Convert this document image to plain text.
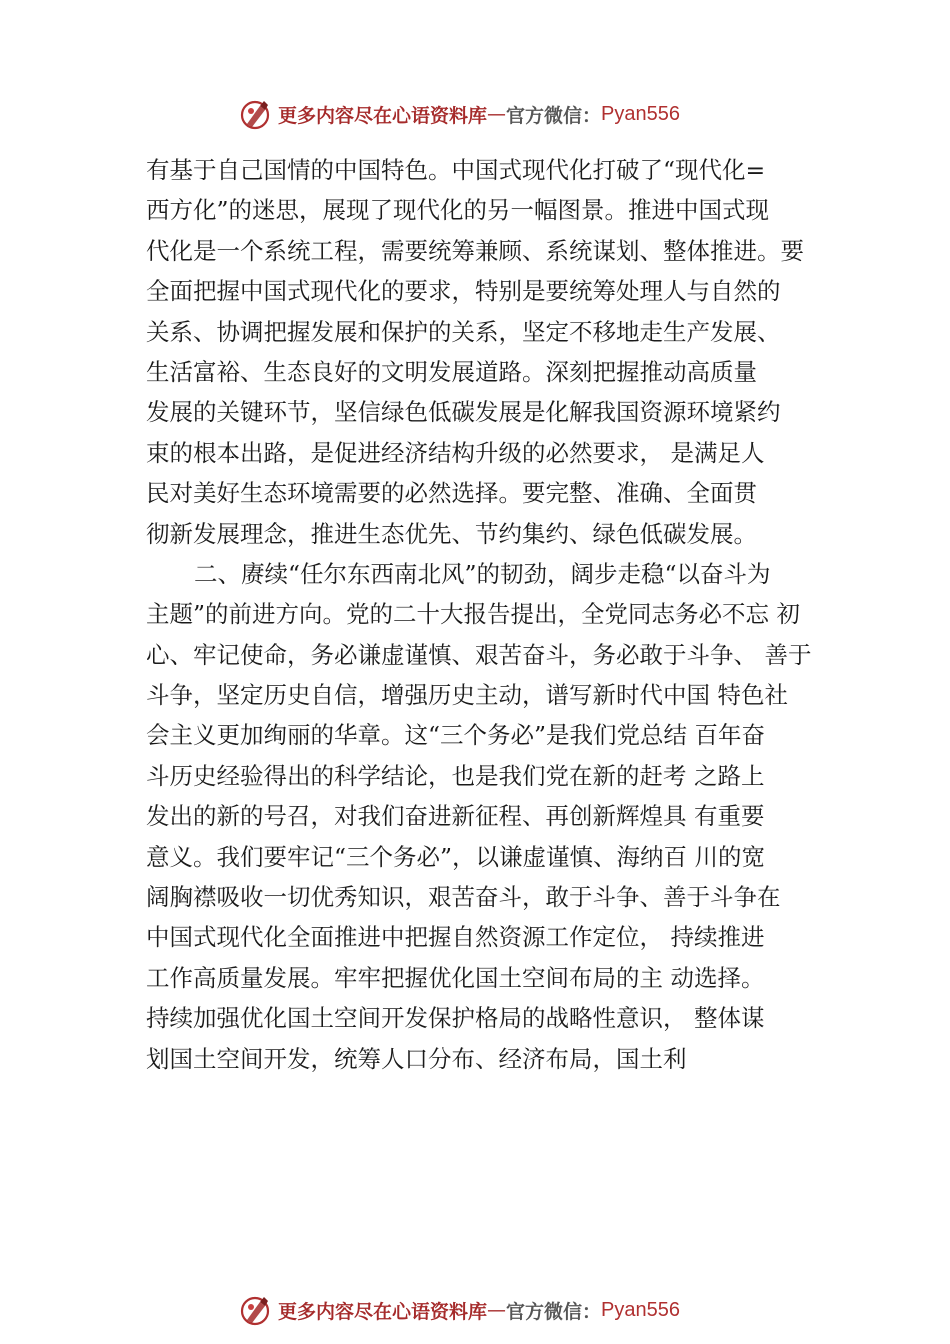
更多内容尽在心语资料库 — 官方微信： Pyan556
有基于自己国情的中国特色。中国式现代化打破了“现代化=
西方化”的迷思，展现了现代化的另一幅图景。推进中国式现
代化是一个系统工程，需要统筹兼顾、系统谋划、整体推进。要
全面把握中国式现代化的要求，特别是要统筹处理人与自然的
关系、协调把握发展和保护的关系，坚定不移地走生产发展、
生活富裕、生态良好的文明发展道路。深刻把握推动高质量
发展的关键环节，坚信绿色低碳发展是化解我国资源环境紧约
束的根本出路，是促进经济结构升级的必然要求， 是满足人
民对美好生态环境需要的必然选择。要完整、准确、全面贯
彻新发展理念，推进生态优先、节约集约、绿色低碳发展。
二、赓续“任尔东西南北风”的韧劲，阔步走稳“以奋斗为
主题”的前进方向。党的二十大报告提出，全党同志务必不忘 初
心、牢记使命，务必谦虚谨慎、艰苦奋斗，务必敢于斗争、 善于
斗争，坚定历史自信，增强历史主动，谱写新时代中国 特色社
会主义更加绚丽的华章。这“三个务必”是我们党总结 百年奋
斗历史经验得出的科学结论，也是我们党在新的赶考 之路上
发出的新的号召，对我们奋进新征程、再创新辉煌具 有重要
意义。我们要牢记“三个务必”，以谦虚谨慎、海纳百 川的宽
阔胸襟吸收一切优秀知识，艰苦奋斗，敢于斗争、善于斗争在
中国式现代化全面推进中把握自然资源工作定位， 持续推进
工作高质量发展。牢牢把握优化国土空间布局的主 动选择。
持续加强优化国土空间开发保护格局的战略性意识， 整体谋
划国土空间开发，统筹人口分布、经济布局，国土利
更多内容尽在心语资料库 — 官方微信： Pyan556
